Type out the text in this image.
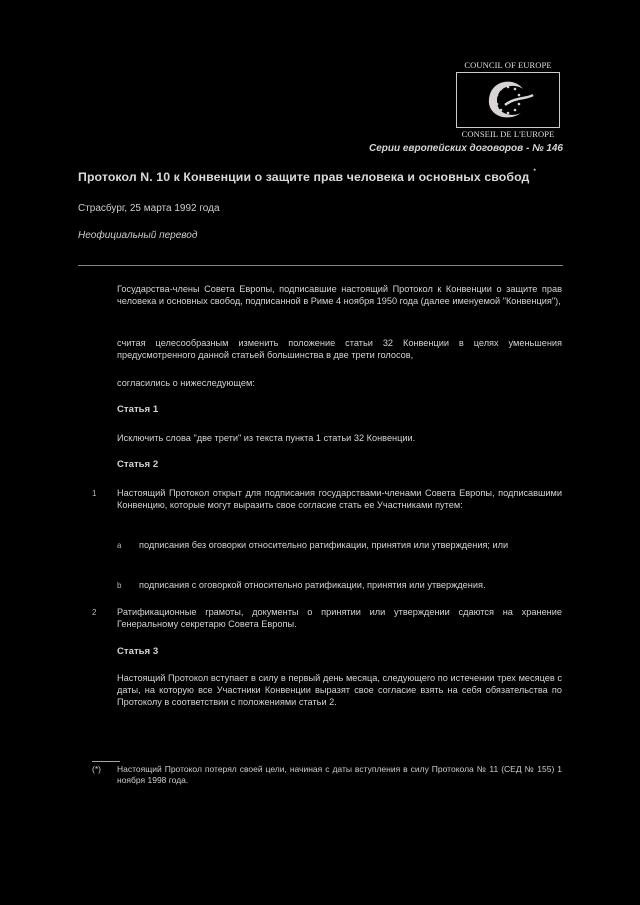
COUNCIL OF EUROPE
CONSEIL DE L'EUROPE
Серии европейских договоров - № 146
Протокол N. 10 к Конвенции о защите прав человека и основных свобод *
Страсбург, 25 марта 1992 года
Неофициальный перевод
Государства-члены Совета Европы, подписавшие настоящий Протокол к Конвенции о защите прав человека и основных свобод, подписанной в Риме 4 ноября 1950 года (далее именуемой "Конвенция"),
считая целесообразным изменить положение статьи 32 Конвенции в целях уменьшения предусмотренного данной статьей большинства в две трети голосов,
согласились о нижеследующем:
Статья 1
Исключить слова "две трети" из текста пункта 1 статьи 32 Конвенции.
Статья 2
1 Настоящий Протокол открыт для подписания государствами-членами Совета Европы, подписавшими Конвенцию, которые могут выразить свое согласие стать ее Участниками путем:
a подписания без оговорки относительно ратификации, принятия или утверждения; или
b подписания с оговоркой относительно ратификации, принятия или утверждения.
2 Ратификационные грамоты, документы о принятии или утверждении сдаются на хранение Генеральному секретарю Совета Европы.
Статья 3
Настоящий Протокол вступает в силу в первый день месяца, следующего по истечении трех месяцев с даты, на которую все Участники Конвенции выразят свое согласие взять на себя обязательства по Протоколу в соответствии с положениями статьи 2.
(*) Настоящий Протокол потерял своей цели, начиная с даты вступления в силу Протокола № 11 (СЕД № 155) 1 ноября 1998 года.
